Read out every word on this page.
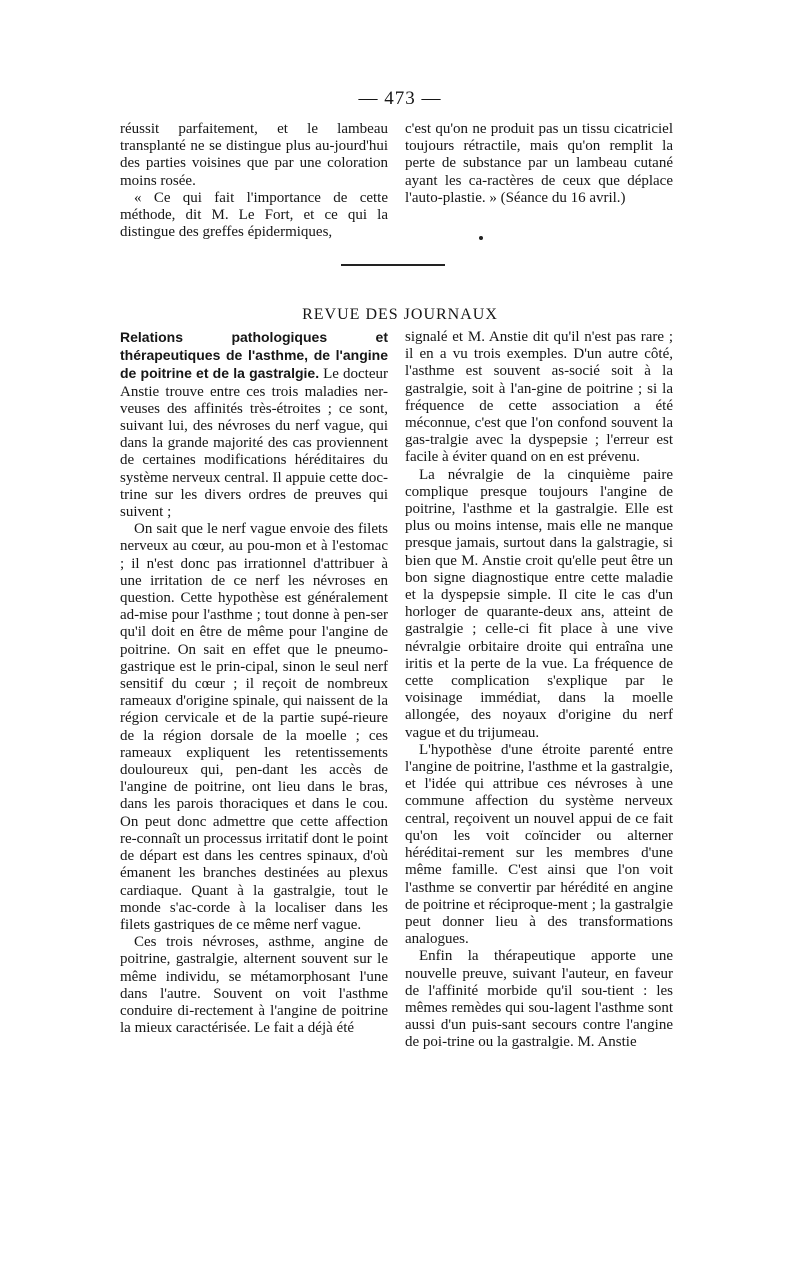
— 473 —

réussit parfaitement, et le lambeau transplanté ne se distingue plus au-jourd'hui des parties voisines que par une coloration moins rosée.

« Ce qui fait l'importance de cette méthode, dit M. Le Fort, et ce qui la distingue des greffes épidermiques,

c'est qu'on ne produit pas un tissu cicatriciel toujours rétractile, mais qu'on remplit la perte de substance par un lambeau cutané ayant les ca-ractères de ceux que déplace l'auto-plastie. » (Séance du 16 avril.)

REVUE DES JOURNAUX

Relations pathologiques et thérapeutiques de l'asthme, de l'angine de poitrine et de la gastralgie. Le docteur Anstie trouve entre ces trois maladies ner-veuses des affinités très-étroites ; ce sont, suivant lui, des névroses du nerf vague, qui dans la grande majorité des cas proviennent de certaines modifications héréditaires du système nerveux central. Il appuie cette doc-trine sur les divers ordres de preuves qui suivent ;

On sait que le nerf vague envoie des filets nerveux au cœur, au pou-mon et à l'estomac ; il n'est donc pas irrationnel d'attribuer à une irritation de ce nerf les névroses en question. Cette hypothèse est généralement ad-mise pour l'asthme ; tout donne à pen-ser qu'il doit en être de même pour l'angine de poitrine. On sait en effet que le pneumo-gastrique est le prin-cipal, sinon le seul nerf sensitif du cœur ; il reçoit de nombreux rameaux d'origine spinale, qui naissent de la région cervicale et de la partie supé-rieure de la région dorsale de la moelle ; ces rameaux expliquent les retentissements douloureux qui, pen-dant les accès de l'angine de poitrine, ont lieu dans le bras, dans les parois thoraciques et dans le cou. On peut donc admettre que cette affection re-connaît un processus irritatif dont le point de départ est dans les centres spinaux, d'où émanent les branches destinées au plexus cardiaque. Quant à la gastralgie, tout le monde s'ac-corde à la localiser dans les filets gastriques de ce même nerf vague.

Ces trois névroses, asthme, angine de poitrine, gastralgie, alternent souvent sur le même individu, se métamorphosant l'une dans l'autre. Souvent on voit l'asthme conduire di-rectement à l'angine de poitrine la mieux caractérisée. Le fait a déjà été

signalé et M. Anstie dit qu'il n'est pas rare ; il en a vu trois exemples. D'un autre côté, l'asthme est souvent as-socié soit à la gastralgie, soit à l'an-gine de poitrine ; si la fréquence de cette association a été méconnue, c'est que l'on confond souvent la gas-tralgie avec la dyspepsie ; l'erreur est facile à éviter quand on en est prévenu.

La névralgie de la cinquième paire complique presque toujours l'angine de poitrine, l'asthme et la gastralgie. Elle est plus ou moins intense, mais elle ne manque presque jamais, surtout dans la galstragie, si bien que M. Anstie croit qu'elle peut être un bon signe diagnostique entre cette maladie et la dyspepsie simple. Il cite le cas d'un horloger de quarante-deux ans, atteint de gastralgie ; celle-ci fit place à une vive névralgie orbitaire droite qui entraîna une iritis et la perte de la vue. La fréquence de cette complication s'explique par le voisinage immédiat, dans la moelle allongée, des noyaux d'origine du nerf vague et du trijumeau.

L'hypothèse d'une étroite parenté entre l'angine de poitrine, l'asthme et la gastralgie, et l'idée qui attribue ces névroses à une commune affection du système nerveux central, reçoivent un nouvel appui de ce fait qu'on les voit coïncider ou alterner héréditai-rement sur les membres d'une même famille. C'est ainsi que l'on voit l'asthme se convertir par hérédité en angine de poitrine et réciproque-ment ; la gastralgie peut donner lieu à des transformations analogues.

Enfin la thérapeutique apporte une nouvelle preuve, suivant l'auteur, en faveur de l'affinité morbide qu'il sou-tient : les mêmes remèdes qui sou-lagent l'asthme sont aussi d'un puis-sant secours contre l'angine de poi-trine ou la gastralgie. M. Anstie
